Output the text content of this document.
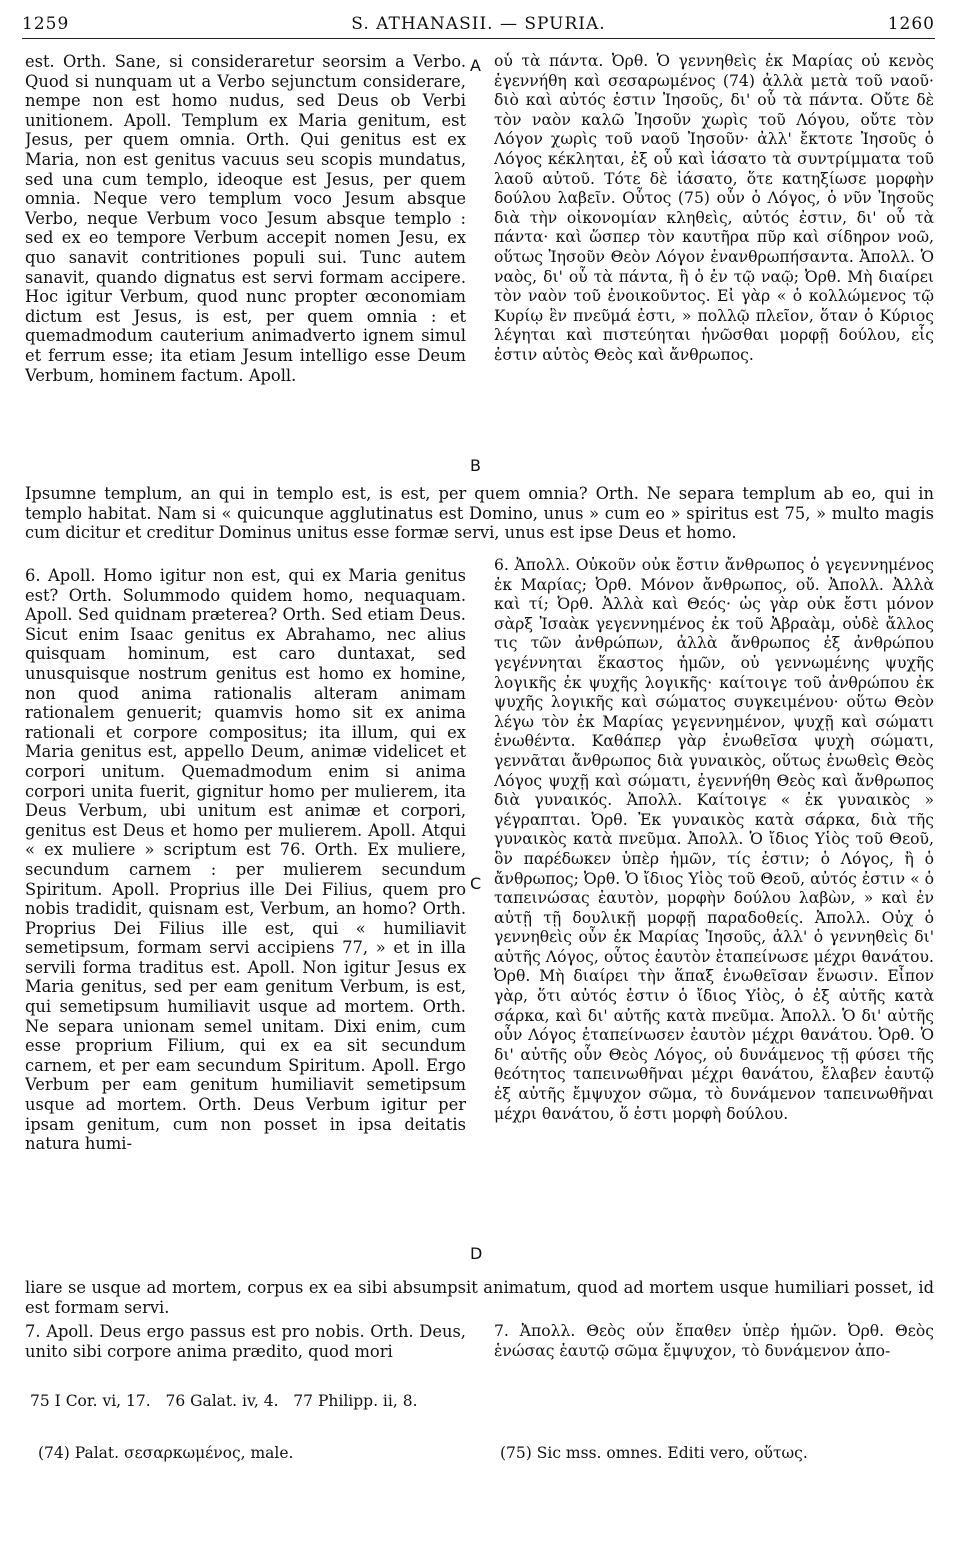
1259	S. ATHANASII. — SPURIA.	1260
est. Orth. Sane, si consideraretur seorsim a Verbo. Quod si nunquam ut a Verbo sejunctum considerare, nempe non est homo nudus, sed Deus ob Verbi unitionem. Apoll. Templum ex Maria genitum, est Jesus, per quem omnia. Orth. Qui genitus est ex Maria, non est genitus vacuus seu scopis mundatus, sed una cum templo, ideoque est Jesus, per quem omnia. Neque vero templum voco Jesum absque Verbo, neque Verbum voco Jesum absque templo : sed ex eo tempore Verbum accepit nomen Jesu, ex quo sanavit contritiones populi sui. Tunc autem sanavit, quando dignatus est servi formam accipere. Hoc igitur Verbum, quod nunc propter œconomiam dictum est Jesus, is est, per quem omnia : et quemadmodum cauterium animadverto ignem simul et ferrum esse; ita etiam Jesum intelligo esse Deum Verbum, hominem factum. Apoll.
οὗ τὰ πάντα. Ὀρθ. Ὁ γεννηθεὶς ἐκ Μαρίας οὐ κενὸς ἐγεννήθη καὶ σεσαρωμένος (74) ἀλλὰ μετὰ τοῦ ναοῦ· διὸ καὶ αὐτός ἐστιν Ἰησοῦς, δι' οὗ τὰ πάντα. Οὔτε δὲ τὸν ναὸν καλῶ Ἰησοῦν χωρὶς τοῦ Λόγου, οὔτε τὸν Λόγον χωρὶς τοῦ ναοῦ Ἰησοῦν· ἀλλ' ἔκτοτε Ἰησοῦς ὁ Λόγος κέκληται, ἐξ οὗ καὶ ἰάσατο τὰ συντρίμματα τοῦ λαοῦ αὐτοῦ. Τότε δὲ ἰάσατο, ὅτε κατηξίωσε μορφὴν δούλου λαβεῖν. Οὗτος (75) οὖν ὁ Λόγος, ὁ νῦν Ἰησοῦς διὰ τὴν οἰκονομίαν κληθεὶς, αὐτός ἐστιν, δι' οὗ τὰ πάντα· καὶ ὥσπερ τὸν καυτῆρα πῦρ καὶ σίδηρον νοῶ, οὕτως Ἰησοῦν Θεὸν Λόγον ἐνανθρωπήσαντα. Ἀπολλ. Ὁ ναὸς, δι' οὗ τὰ πάντα, ἢ ὁ ἐν τῷ ναῷ; Ὀρθ. Μὴ διαίρει τὸν ναὸν τοῦ ἐνοικοῦντος. Εἰ γὰρ « ὁ κολλώμενος τῷ Κυρίῳ ἓν πνεῦμά ἐστι, » πολλῷ πλεῖον, ὅταν ὁ Κύριος λέγηται καὶ πιστεύηται ἡνῶσθαι μορφῇ δούλου, εἷς ἐστιν αὐτὸς Θεὸς καὶ ἄνθρωπος.
A
B
Ipsumne templum, an qui in templo est, is est, per quem omnia? Orth. Ne separa templum ab eo, qui in templo habitat. Nam si « quicunque agglutinatus est Domino, unus » cum eo » spiritus est 75, » multo magis cum dicitur et creditur Dominus unitus esse formæ servi, unus est ipse Deus et homo.
6. Apoll. Homo igitur non est, qui ex Maria genitus est? Orth. Solummodo quidem homo, nequaquam. Apoll. Sed quidnam præterea? Orth. Sed etiam Deus. Sicut enim Isaac genitus ex Abrahamo, nec alius quisquam hominum, est caro duntaxat, sed unusquisque nostrum genitus est homo ex homine, non quod anima rationalis alteram animam rationalem genuerit; quamvis homo sit ex anima rationali et corpore compositus; ita illum, qui ex Maria genitus est, appello Deum, animæ videlicet et corpori unitum. Quemadmodum enim si anima corpori unita fuerit, gignitur homo per mulierem, ita Deus Verbum, ubi unitum est animæ et corpori, genitus est Deus et homo per mulierem. Apoll. Atqui « ex muliere » scriptum est 76. Orth. Ex muliere, secundum carnem : per mulierem secundum Spiritum. Apoll. Proprius ille Dei Filius, quem pro nobis tradidit, quisnam est, Verbum, an homo? Orth. Proprius Dei Filius ille est, qui « humiliavit semetipsum, formam servi accipiens 77, » et in illa servili forma traditus est. Apoll. Non igitur Jesus ex Maria genitus, sed per eam genitum Verbum, is est, qui semetipsum humiliavit usque ad mortem. Orth. Ne separa unionam semel unitam. Dixi enim, cum esse proprium Filium, qui ex ea sit secundum carnem, et per eam secundum Spiritum. Apoll. Ergo Verbum per eam genitum humiliavit semetipsum usque ad mortem. Orth. Deus Verbum igitur per ipsam genitum, cum non posset in ipsa deitatis natura humi-
6. Ἀπολλ. Οὐκοῦν οὐκ ἔστιν ἄνθρωπος ὁ γεγεννημένος ἐκ Μαρίας; Ὀρθ. Μόνον ἄνθρωπος, οὔ. Ἀπολλ. Ἀλλὰ καὶ τί; Ὀρθ. Ἀλλὰ καὶ Θεός· ὡς γὰρ οὐκ ἔστι μόνον σὰρξ Ἰσαὰκ γεγεννημένος ἐκ τοῦ Ἀβραὰμ, οὐδὲ ἄλλος τις τῶν ἀνθρώπων, ἀλλὰ ἄνθρωπος ἐξ ἀνθρώπου γεγέννηται ἕκαστος ἡμῶν, οὐ γεννωμένης ψυχῆς λογικῆς ἐκ ψυχῆς λογικῆς· καίτοιγε τοῦ ἀνθρώπου ἐκ ψυχῆς λογικῆς καὶ σώματος συγκειμένου· οὕτω Θεὸν λέγω τὸν ἐκ Μαρίας γεγεννημένον, ψυχῇ καὶ σώματι ἑνωθέντα. Καθάπερ γὰρ ἑνωθεῖσα ψυχὴ σώματι, γεννᾶται ἄνθρωπος διὰ γυναικὸς, οὕτως ἑνωθεὶς Θεὸς Λόγος ψυχῇ καὶ σώματι, ἐγεννήθη Θεὸς καὶ ἄνθρωπος διὰ γυναικός. Ἀπολλ. Καίτοιγε « ἐκ γυναικὸς » γέγραπται. Ὀρθ. Ἐκ γυναικὸς κατὰ σάρκα, διὰ τῆς γυναικὸς κατὰ πνεῦμα. Ἀπολλ. Ὁ ἴδιος Υἱὸς τοῦ Θεοῦ, ὃν παρέδωκεν ὑπὲρ ἡμῶν, τίς ἐστιν; ὁ Λόγος, ἢ ὁ ἄνθρωπος; Ὀρθ. Ὁ ἴδιος Υἱὸς τοῦ Θεοῦ, αὐτός ἐστιν « ὁ ταπεινώσας ἑαυτὸν, μορφὴν δούλου λαβὼν, » καὶ ἐν αὐτῇ τῇ δουλικῇ μορφῇ παραδοθείς. Ἀπολλ. Οὐχ ὁ γεννηθεὶς οὖν ἐκ Μαρίας Ἰησοῦς, ἀλλ' ὁ γεννηθεὶς δι' αὐτῆς Λόγος, οὗτος ἑαυτὸν ἐταπείνωσε μέχρι θανάτου. Ὀρθ. Μὴ διαίρει τὴν ἅπαξ ἑνωθεῖσαν ἕνωσιν. Εἶπον γὰρ, ὅτι αὐτός ἐστιν ὁ ἴδιος Υἱὸς, ὁ ἐξ αὐτῆς κατὰ σάρκα, καὶ δι' αὐτῆς κατὰ πνεῦμα. Ἀπολλ. Ὁ δι' αὐτῆς οὖν Λόγος ἐταπείνωσεν ἑαυτὸν μέχρι θανάτου. Ὀρθ. Ὁ δι' αὐτῆς οὖν Θεὸς Λόγος, οὐ δυνάμενος τῇ φύσει τῆς θεότητος ταπεινωθῆναι μέχρι θανάτου, ἔλαβεν ἑαυτῷ ἐξ αὐτῆς ἔμψυχον σῶμα, τὸ δυνάμενον ταπεινωθῆναι μέχρι θανάτου, ὅ ἐστι μορφὴ δούλου.
C
D
liare se usque ad mortem, corpus ex ea sibi absumpsit animatum, quod ad mortem usque humiliari posset, id est formam servi.
7. Apoll. Deus ergo passus est pro nobis. Orth. Deus, unito sibi corpore anima prædito, quod mori
7. Ἀπολλ. Θεὸς οὖν ἔπαθεν ὑπὲρ ἡμῶν. Ὀρθ. Θεὸς ἑνώσας ἑαυτῷ σῶμα ἔμψυχον, τὸ δυνάμενον ἀπο-
75 I Cor. vi, 17.   76 Galat. iv, 4.   77 Philipp. ii, 8.
(74) Palat. σεσαρκωμένος, male.	(75) Sic mss. omnes. Editi vero, οὕτως.
